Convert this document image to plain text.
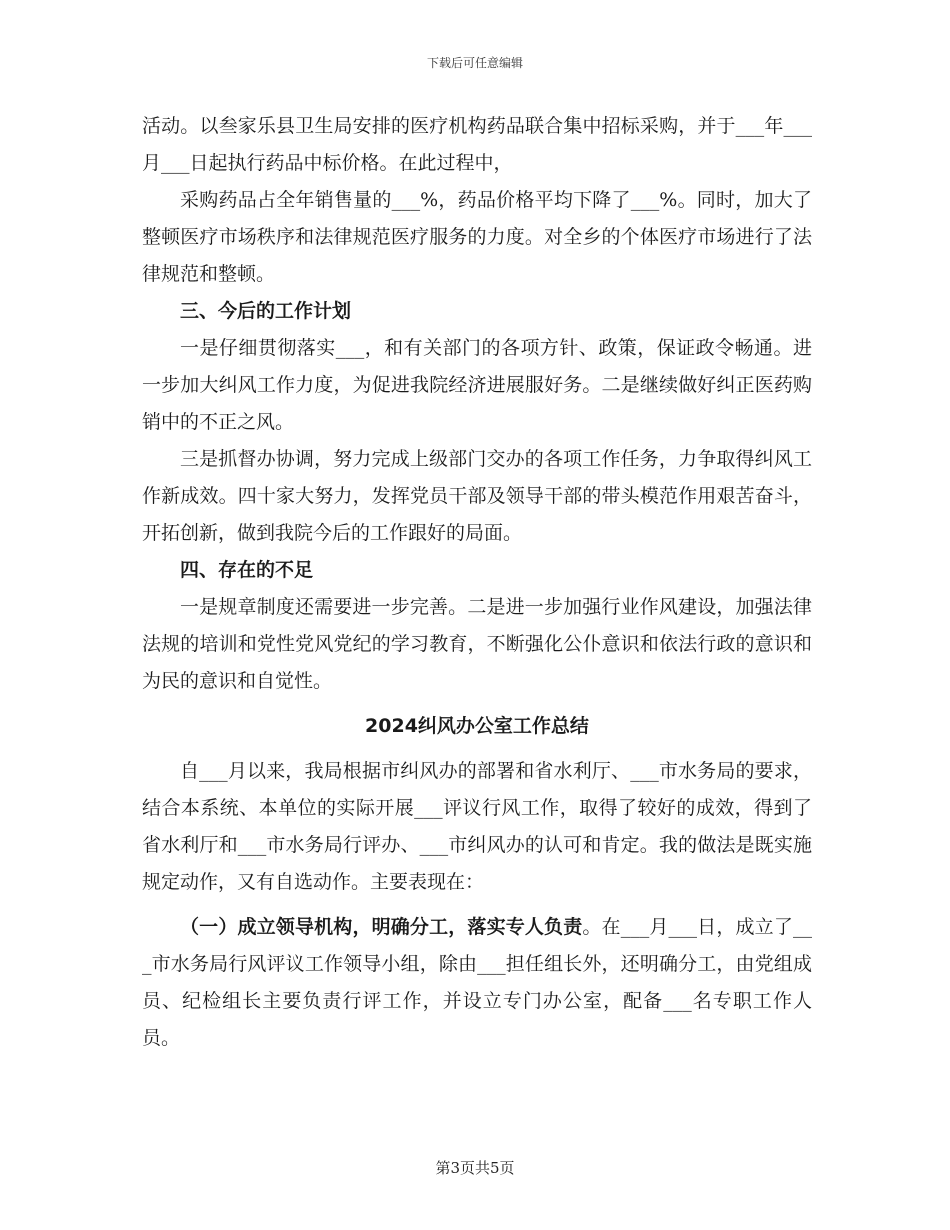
下载后可任意编辑

活动。以叁家乐县卫生局安排的医疗机构药品联合集中招标采购，并于___年___月___日起执行药品中标价格。在此过程中，

采购药品占全年销售量的___%，药品价格平均下降了___%。同时，加大了整顿医疗市场秩序和法律规范医疗服务的力度。对全乡的个体医疗市场进行了法律规范和整顿。

三、今后的工作计划

一是仔细贯彻落实___，和有关部门的各项方针、政策，保证政令畅通。进一步加大纠风工作力度，为促进我院经济进展服好务。二是继续做好纠正医药购销中的不正之风。

三是抓督办协调，努力完成上级部门交办的各项工作任务，力争取得纠风工作新成效。四十家大努力，发挥党员干部及领导干部的带头模范作用艰苦奋斗，开拓创新，做到我院今后的工作跟好的局面。

四、存在的不足

一是规章制度还需要进一步完善。二是进一步加强行业作风建设，加强法律法规的培训和党性党风党纪的学习教育，不断强化公仆意识和依法行政的意识和为民的意识和自觉性。

2024纠风办公室工作总结

自___月以来，我局根据市纠风办的部署和省水利厅、___市水务局的要求，结合本系统、本单位的实际开展___评议行风工作，取得了较好的成效，得到了省水利厅和___市水务局行评办、___市纠风办的认可和肯定。我的做法是既实施规定动作，又有自选动作。主要表现在：

（一）成立领导机构，明确分工，落实专人负责。在___月___日，成立了___市水务局行风评议工作领导小组，除由___担任组长外，还明确分工，由党组成员、纪检组长主要负责行评工作，并设立专门办公室，配备___名专职工作人员。

第3页共5页
